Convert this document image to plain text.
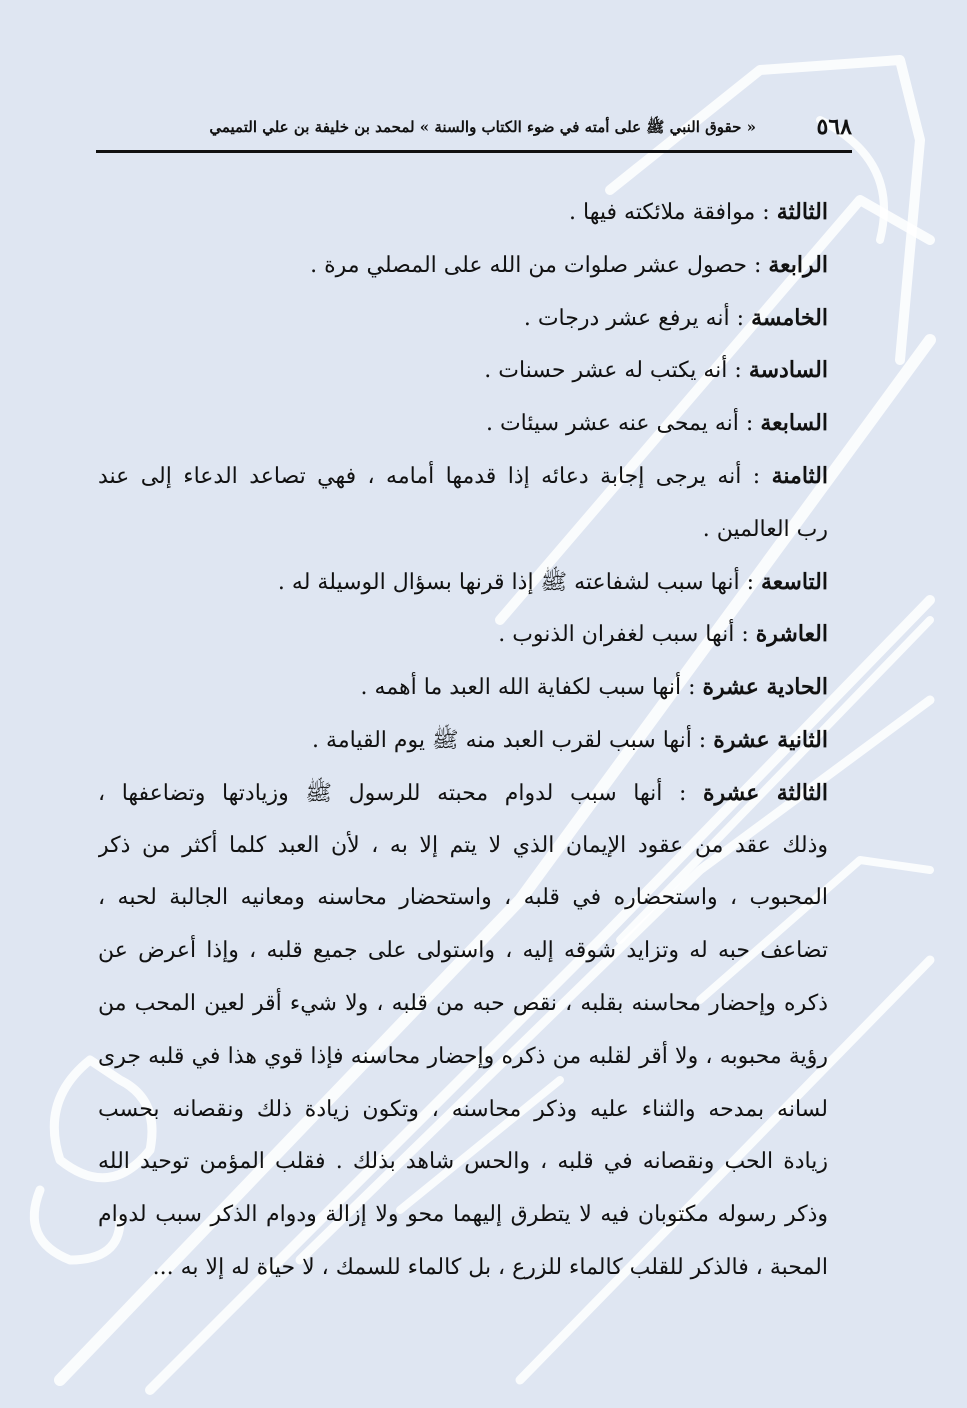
٥٦٨
« حقوق النبي ﷺ على أمته في ضوء الكتاب والسنة » لمحمد بن خليفة بن علي التميمي
الثالثة : موافقة ملائكته فيها .
الرابعة : حصول عشر صلوات من الله على المصلي مرة .
الخامسة : أنه يرفع عشر درجات .
السادسة : أنه يكتب له عشر حسنات .
السابعة : أنه يمحى عنه عشر سيئات .
الثامنة : أنه يرجى إجابة دعائه إذا قدمها أمامه ، فهي تصاعد الدعاء إلى عند
رب العالمين .
التاسعة : أنها سبب لشفاعته ﷺ إذا قرنها بسؤال الوسيلة له .
العاشرة : أنها سبب لغفران الذنوب .
الحادية عشرة : أنها سبب لكفاية الله العبد ما أهمه .
الثانية عشرة : أنها سبب لقرب العبد منه ﷺ يوم القيامة .
الثالثة عشرة : أنها سبب لدوام محبته للرسول ﷺ وزيادتها وتضاعفها ،
وذلك عقد من عقود الإيمان الذي لا يتم إلا به ، لأن العبد كلما أكثر من ذكر
المحبوب ، واستحضاره في قلبه ، واستحضار محاسنه ومعانيه الجالبة لحبه ،
تضاعف حبه له وتزايد شوقه إليه ، واستولى على جميع قلبه ، وإذا أعرض عن
ذكره وإحضار محاسنه بقلبه ، نقص حبه من قلبه ، ولا شيء أقر لعين المحب من
رؤية محبوبه ، ولا أقر لقلبه من ذكره وإحضار محاسنه فإذا قوي هذا في قلبه جرى
لسانه بمدحه والثناء عليه وذكر محاسنه ، وتكون زيادة ذلك ونقصانه بحسب
زيادة الحب ونقصانه في قلبه ، والحس شاهد بذلك . فقلب المؤمن توحيد الله
وذكر رسوله مكتوبان فيه لا يتطرق إليهما محو ولا إزالة ودوام الذكر سبب لدوام
المحبة ، فالذكر للقلب كالماء للزرع ، بل كالماء للسمك ، لا حياة له إلا به ...
